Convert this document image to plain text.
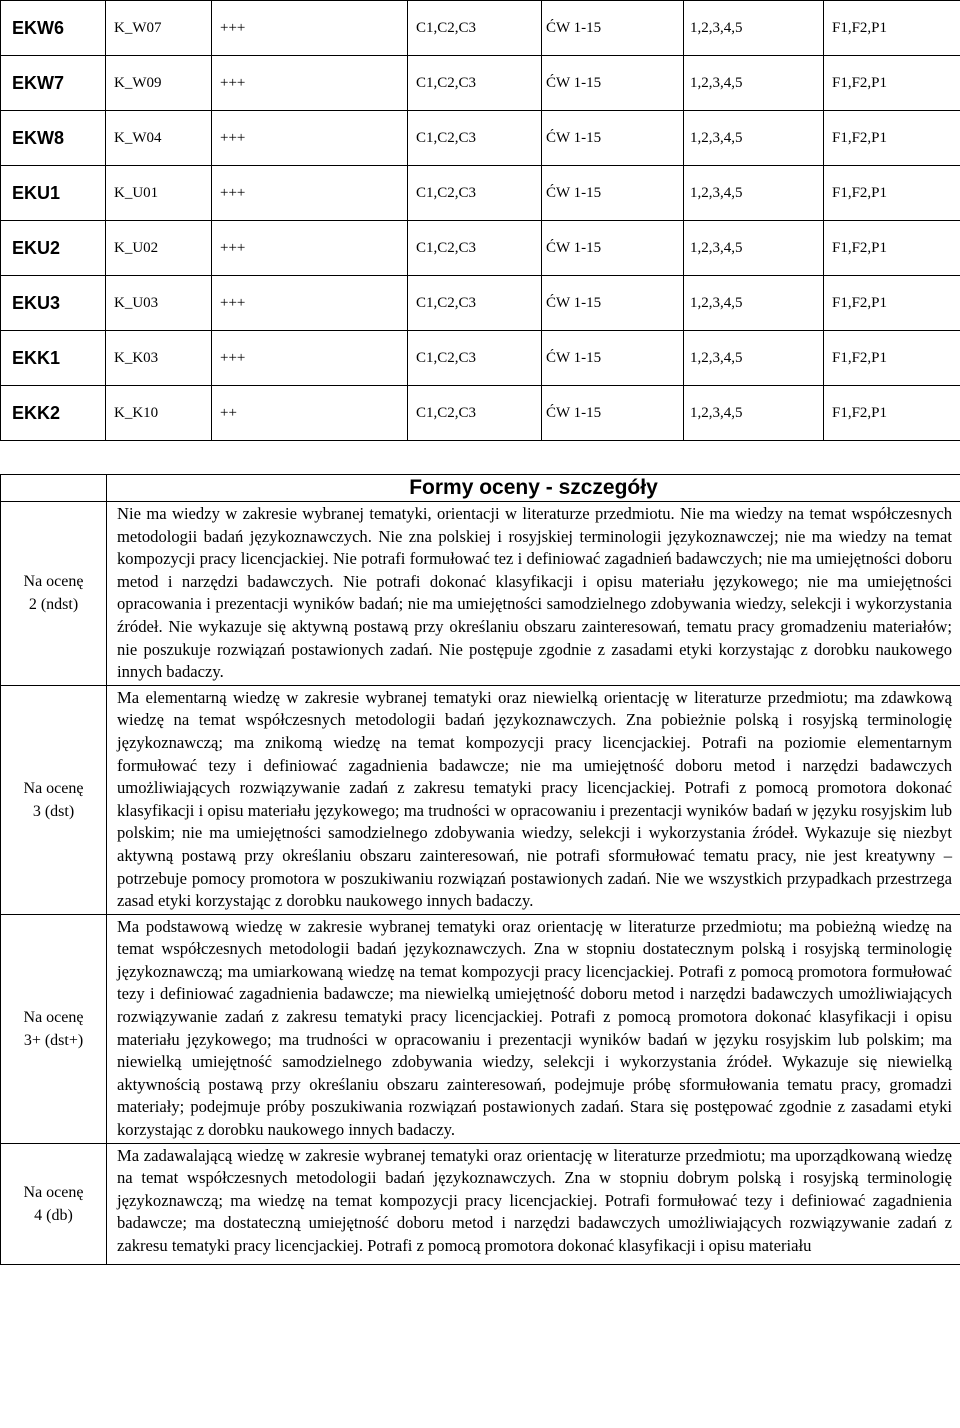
EKW6	K_W07	+++	C1,C2,C3	ĆW 1-15	1,2,3,4,5	F1,F2,P1
EKW7	K_W09	+++	C1,C2,C3	ĆW 1-15	1,2,3,4,5	F1,F2,P1
EKW8	K_W04	+++	C1,C2,C3	ĆW 1-15	1,2,3,4,5	F1,F2,P1
EKU1	K_U01	+++	C1,C2,C3	ĆW 1-15	1,2,3,4,5	F1,F2,P1
EKU2	K_U02	+++	C1,C2,C3	ĆW 1-15	1,2,3,4,5	F1,F2,P1
EKU3	K_U03	+++	C1,C2,C3	ĆW 1-15	1,2,3,4,5	F1,F2,P1
EKK1	K_K03	+++	C1,C2,C3	ĆW 1-15	1,2,3,4,5	F1,F2,P1
EKK2	K_K10	++	C1,C2,C3	ĆW 1-15	1,2,3,4,5	F1,F2,P1
	Formy oceny - szczegóły
Na ocenę
2 (ndst)	Nie ma wiedzy w zakresie wybranej tematyki, orientacji w literaturze przedmiotu. Nie ma wiedzy na temat współczesnych metodologii badań językoznawczych. Nie zna polskiej i rosyjskiej terminologii językoznawczej; nie ma wiedzy na temat kompozycji pracy licencjackiej. Nie potrafi formułować tez i definiować zagadnień badawczych; nie ma umiejętności doboru metod i narzędzi badawczych. Nie potrafi dokonać klasyfikacji i opisu materiału językowego; nie ma umiejętności opracowania i prezentacji wyników badań; nie ma umiejętności samodzielnego zdobywania wiedzy, selekcji i wykorzystania źródeł. Nie wykazuje się aktywną postawą przy określaniu obszaru zainteresowań, tematu pracy gromadzeniu materiałów; nie poszukuje rozwiązań postawionych zadań. Nie postępuje zgodnie z zasadami etyki korzystając z dorobku naukowego innych badaczy.

Na ocenę
3 (dst)	Ma elementarną wiedzę w zakresie wybranej tematyki oraz niewielką orientację w literaturze przedmiotu; ma zdawkową wiedzę na temat współczesnych metodologii badań językoznawczych. Zna pobieżnie polską i rosyjską terminologię językoznawczą; ma znikomą wiedzę na temat kompozycji pracy licencjackiej. Potrafi na poziomie elementarnym formułować tezy i definiować zagadnienia badawcze; nie ma umiejętność doboru metod i narzędzi badawczych umożliwiających rozwiązywanie zadań z zakresu tematyki pracy licencjackiej. Potrafi z pomocą promotora dokonać klasyfikacji i opisu materiału językowego; ma trudności w opracowaniu i prezentacji wyników badań w języku rosyjskim lub polskim; nie ma umiejętności samodzielnego zdobywania wiedzy, selekcji i wykorzystania źródeł. Wykazuje się niezbyt aktywną postawą przy określaniu obszaru zainteresowań, nie potrafi sformułować tematu pracy, nie jest kreatywny – potrzebuje pomocy promotora w poszukiwaniu rozwiązań postawionych zadań. Nie we wszystkich przypadkach przestrzega zasad etyki korzystając z dorobku naukowego innych badaczy.

Na ocenę
3+ (dst+)	Ma podstawową wiedzę w zakresie wybranej tematyki oraz orientację w literaturze przedmiotu; ma pobieżną wiedzę na temat współczesnych metodologii badań językoznawczych. Zna w stopniu dostatecznym polską i rosyjską terminologię językoznawczą; ma umiarkowaną wiedzę na temat kompozycji pracy licencjackiej. Potrafi z pomocą promotora formułować tezy i definiować zagadnienia badawcze; ma niewielką umiejętność doboru metod i narzędzi badawczych umożliwiających rozwiązywanie zadań z zakresu tematyki pracy licencjackiej. Potrafi z pomocą promotora dokonać klasyfikacji i opisu materiału językowego; ma trudności w opracowaniu i prezentacji wyników badań w języku rosyjskim lub polskim; ma niewielką umiejętność samodzielnego zdobywania wiedzy, selekcji i wykorzystania źródeł. Wykazuje się niewielką aktywnością postawą przy określaniu obszaru zainteresowań, podejmuje próbę sformułowania tematu pracy, gromadzi materiały; podejmuje próby poszukiwania rozwiązań postawionych zadań. Stara się postępować zgodnie z zasadami etyki korzystając z dorobku naukowego innych badaczy.

Na ocenę
4 (db)	Ma zadawalającą wiedzę w zakresie wybranej tematyki oraz orientację w literaturze przedmiotu; ma uporządkowaną wiedzę na temat współczesnych metodologii badań językoznawczych. Zna w stopniu dobrym polską i rosyjską terminologię językoznawczą; ma wiedzę na temat kompozycji pracy licencjackiej. Potrafi formułować tezy i definiować zagadnienia badawcze; ma dostateczną umiejętność doboru metod i narzędzi badawczych umożliwiających rozwiązywanie zadań z zakresu tematyki pracy licencjackiej. Potrafi z pomocą promotora dokonać klasyfikacji i opisu materiału
